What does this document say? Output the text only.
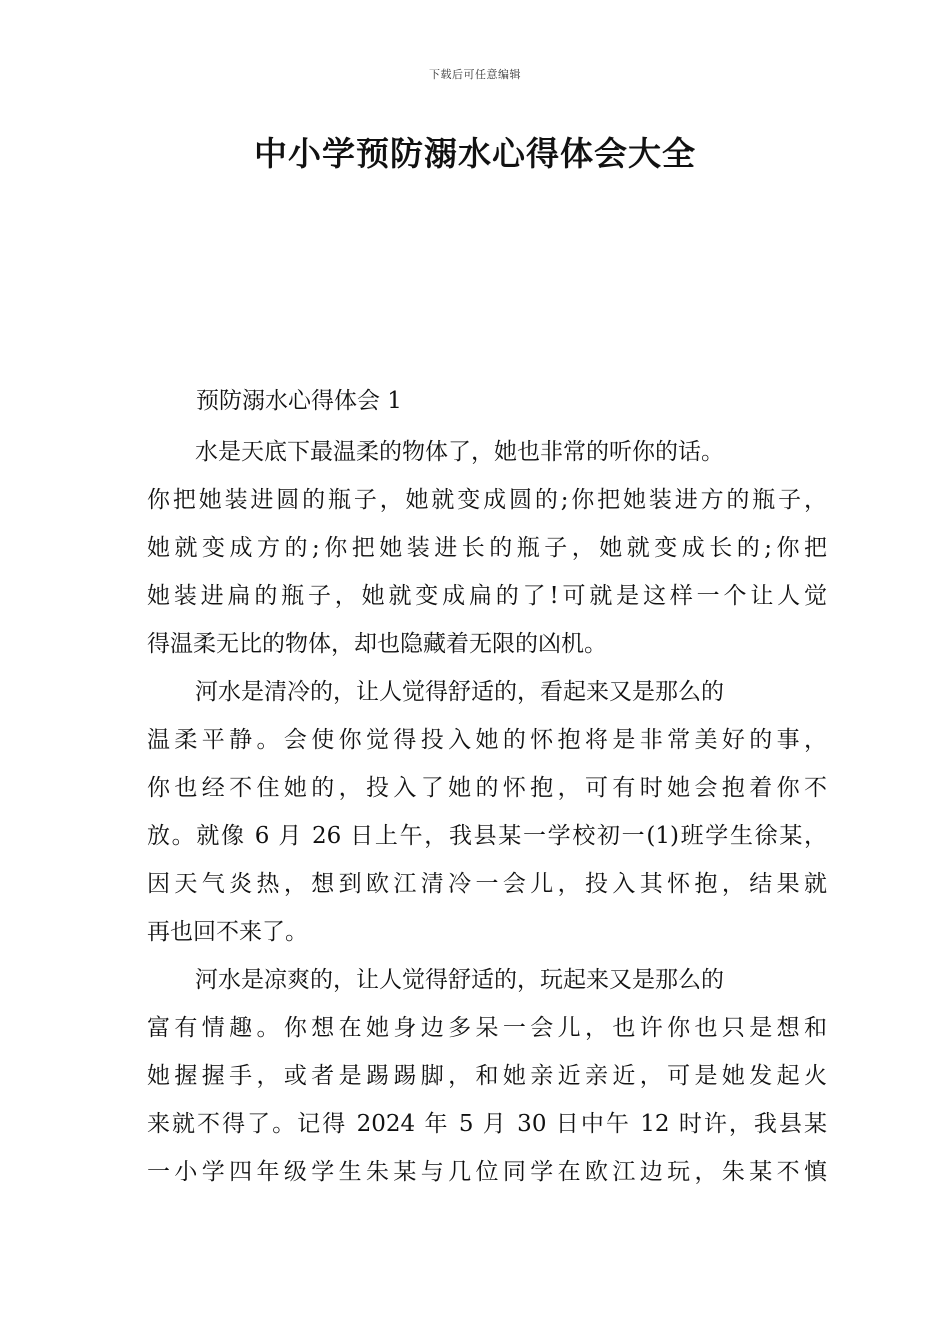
下载后可任意编辑
中小学预防溺水心得体会大全
预防溺水心得体会 1

水是天底下最温柔的物体了，她也非常的听你的话。

你把她装进圆的瓶子，她就变成圆的;你把她装进方的瓶子，

她就变成方的;你把她装进长的瓶子，她就变成长的;你把

她装进扁的瓶子，她就变成扁的了!可就是这样一个让人觉

得温柔无比的物体，却也隐藏着无限的凶机。

河水是清冷的，让人觉得舒适的，看起来又是那么的

温柔平静。会使你觉得投入她的怀抱将是非常美好的事，

你也经不住她的，投入了她的怀抱，可有时她会抱着你不

放。就像 6 月 26 日上午，我县某一学校初一(1)班学生徐某，

因天气炎热，想到欧江清冷一会儿，投入其怀抱，结果就

再也回不来了。

河水是凉爽的，让人觉得舒适的，玩起来又是那么的

富有情趣。你想在她身边多呆一会儿，也许你也只是想和

她握握手，或者是踢踢脚，和她亲近亲近，可是她发起火

来就不得了。记得 2024 年 5 月 30 日中午 12 时许，我县某

一小学四年级学生朱某与几位同学在欧江边玩，朱某不慎
